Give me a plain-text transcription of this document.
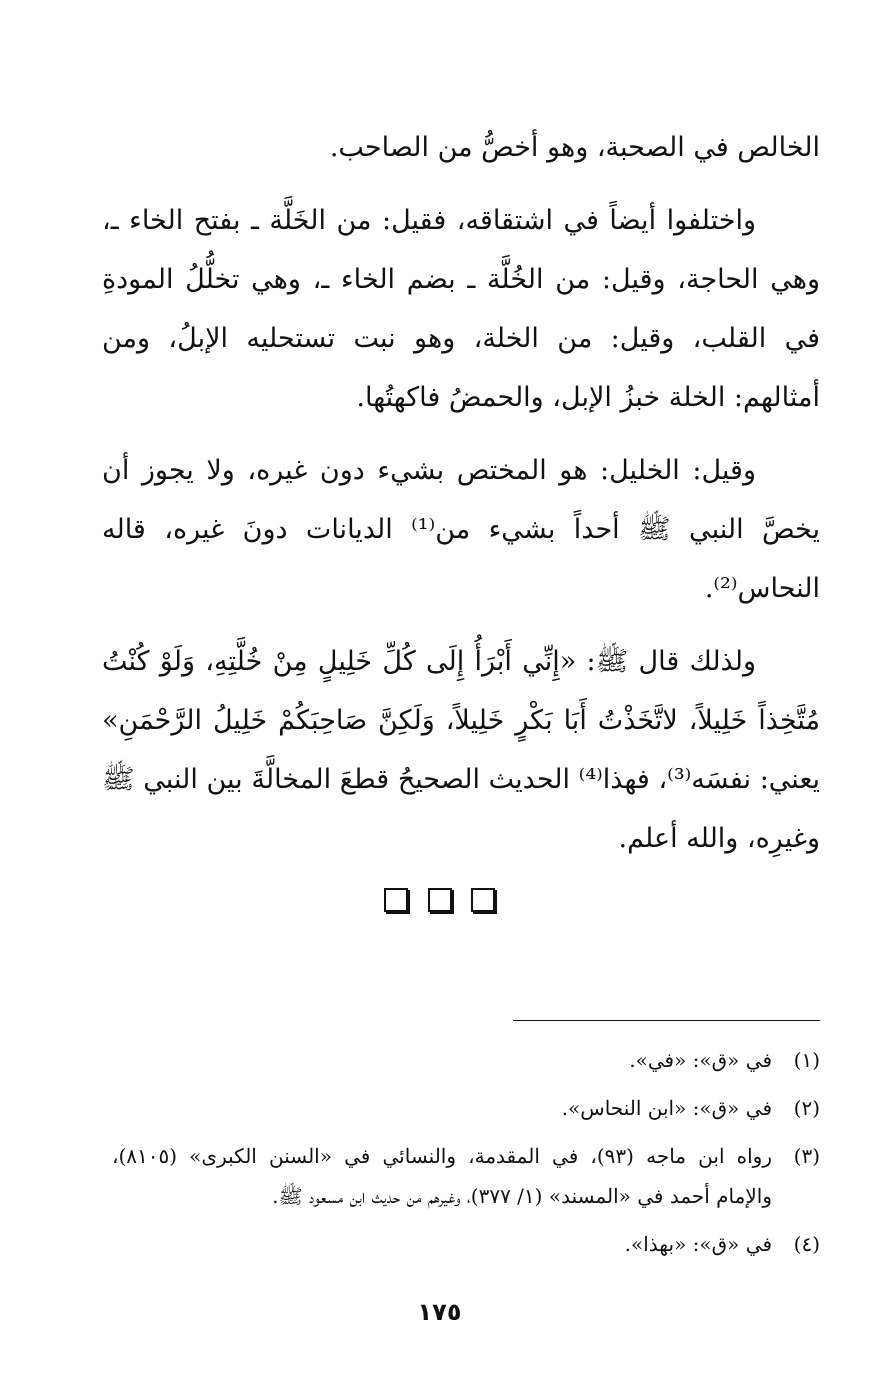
الخالص في الصحبة، وهو أخصُّ من الصاحب.

واختلفوا أيضاً في اشتقاقه، فقيل: من الخَلَّة ـ بفتح الخاء ـ، وهي الحاجة، وقيل: من الخُلَّة ـ بضم الخاء ـ، وهي تخلُّلُ المودةِ في القلب، وقيل: من الخلة، وهو نبت تستحليه الإبلُ، ومن أمثالهم: الخلة خبزُ الإبل، والحمضُ فاكهتُها.

وقيل: الخليل: هو المختص بشيء دون غيره، ولا يجوز أن يخصَّ النبي ﷺ أحداً بشيء من⁽¹⁾ الديانات دونَ غيره، قاله النحاس⁽²⁾.

ولذلك قال ﷺ: «إِنِّي أَبْرَأُ إِلَى كُلِّ خَلِيلٍ مِنْ خُلَّتِهِ، وَلَوْ كُنْتُ مُتَّخِذاً خَلِيلاً، لاتَّخَذْتُ أَبَا بَكْرٍ خَلِيلاً، وَلَكِنَّ صَاحِبَكُمْ خَلِيلُ الرَّحْمَنِ» يعني: نفسَه⁽³⁾، فهذا⁽⁴⁾ الحديث الصحيحُ قطعَ المخالَّةَ بين النبي ﷺ وغيرِه، والله أعلم.

(١)
في «ق»: «في».
(٢)
في «ق»: «ابن النحاس».
(٣)
رواه ابن ماجه (٩٣)، في المقدمة، والنسائي في «السنن الكبرى» (٨١٠٥)، والإمام أحمد في «المسند» (١/ ٣٧٧)، وغيرهم من حديث ابن مسعود ﷺ.
(٤)
في «ق»: «بهذا».
١٧٥
